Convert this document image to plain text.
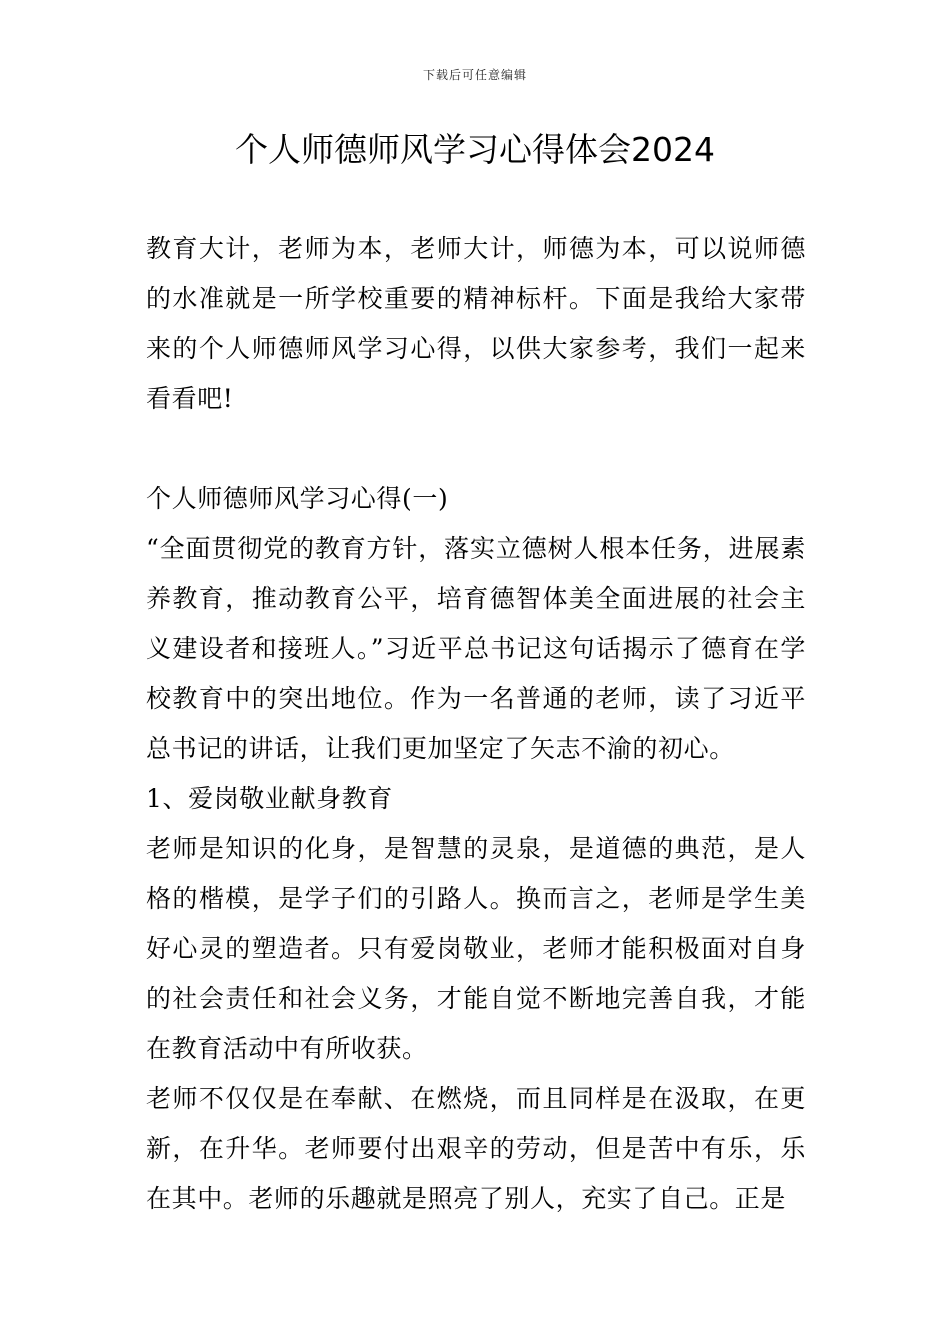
下载后可任意编辑
个人师德师风学习心得体会2024

教育大计，老师为本，老师大计，师德为本，可以说师德的水准就是一所学校重要的精神标杆。下面是我给大家带来的个人师德师风学习心得，以供大家参考，我们一起来看看吧!

个人师德师风学习心得(一)

“全面贯彻党的教育方针，落实立德树人根本任务，进展素养教育，推动教育公平，培育德智体美全面进展的社会主义建设者和接班人。”习近平总书记这句话揭示了德育在学校教育中的突出地位。作为一名普通的老师，读了习近平总书记的讲话，让我们更加坚定了矢志不渝的初心。

1、爱岗敬业献身教育

老师是知识的化身，是智慧的灵泉，是道德的典范，是人格的楷模，是学子们的引路人。换而言之，老师是学生美好心灵的塑造者。只有爱岗敬业，老师才能积极面对自身的社会责任和社会义务，才能自觉不断地完善自我，才能在教育活动中有所收获。

老师不仅仅是在奉献、在燃烧，而且同样是在汲取，在更新，在升华。老师要付出艰辛的劳动，但是苦中有乐，乐在其中。老师的乐趣就是照亮了别人，充实了自己。正是
